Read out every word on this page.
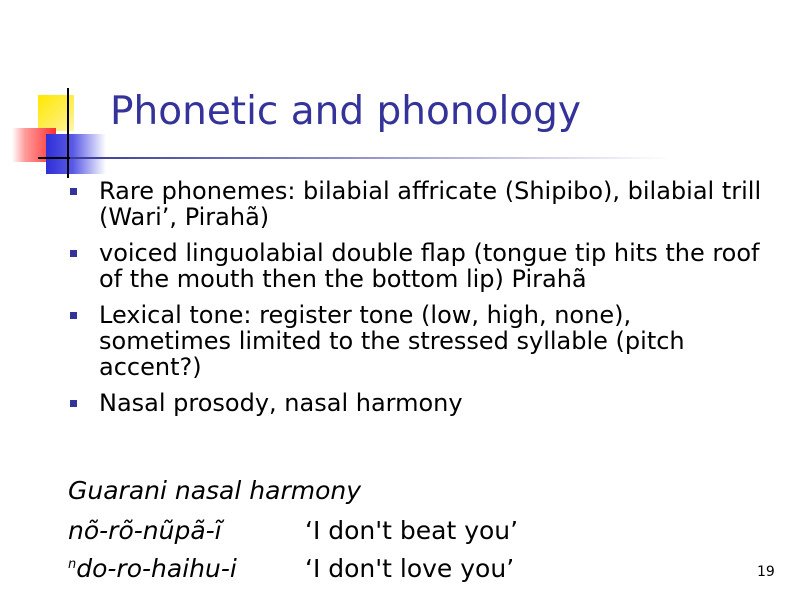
Phonetic and phonology
Rare phonemes: bilabial affricate (Shipibo), bilabial trill (Wari’, Pirahã)
voiced linguolabial double flap (tongue tip hits the roof of the mouth then the bottom lip) Pirahã
Lexical tone: register tone (low, high, none), sometimes limited to the stressed syllable (pitch accent?)
Nasal prosody, nasal harmony
Guarani nasal harmony
nõ-rõ-nũpã-ĩ	‘I don't beat you’
$^n$do-ro-haihu-i	‘I don't love you’	19
